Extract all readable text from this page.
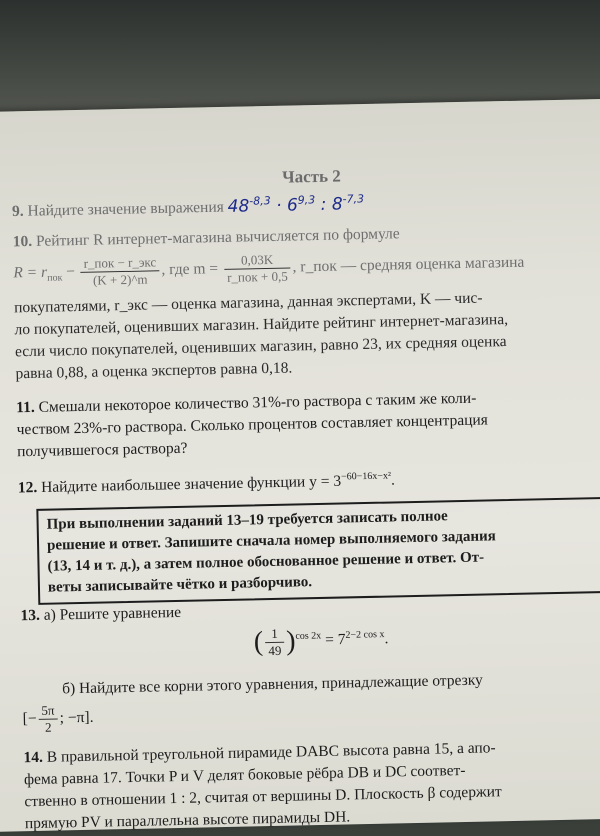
Часть 2
9. Найдите значение выражения $48^{-8,3} \cdot 6^{9,3}$ : $8^{-7,3}$
10. Рейтинг R интернет-магазина вычисляется по формуле
$R = r_{пок} - \frac{\text{r\_пок − r\_экс}}{(K + 2)\^{}m}$ , где $m = \frac{0,03K}{\text{r\_пок + 0,5}}$ , r_пок — средняя оценка магазина
покупателями, r_экс — оценка магазина, данная экспертами, K — чис-
ло покупателей, оценивших магазин. Найдите рейтинг интернет-магазина,
если число покупателей, оценивших магазин, равно 23, их средняя оценка
равна 0,88, а оценка экспертов равна 0,18.
11. Смешали некоторое количество 31%-го раствора с таким же коли-
чеством 23%-го раствора. Сколько процентов составляет концентрация
получившегося раствора?
12. Найдите наибольшее значение функции $y = 3^{-60-16x-x^2}$.
При выполнении заданий 13–19 требуется записать полное
решение и ответ. Запишите сначала номер выполняемого задания
(13, 14 и т. д.), а затем полное обоснованное решение и ответ. От-
веты записывайте чётко и разборчиво.
13. а) Решите уравнение
( $\frac{1}{49} )^{cos 2x} = 7^{2-2 cos x}$.
б) Найдите все корни этого уравнения, принадлежащие отрезку
[− $\frac{5\pi}{2}$ ; −π].
14. В правильной треугольной пирамиде DABC высота равна 15, а апо-
фема равна 17. Точки P и V делят боковые рёбра DB и DC соответ-
ственно в отношении 1 : 2, считая от вершины D. Плоскость β содержит
прямую PV и параллельна высоте пирамиды DH.
